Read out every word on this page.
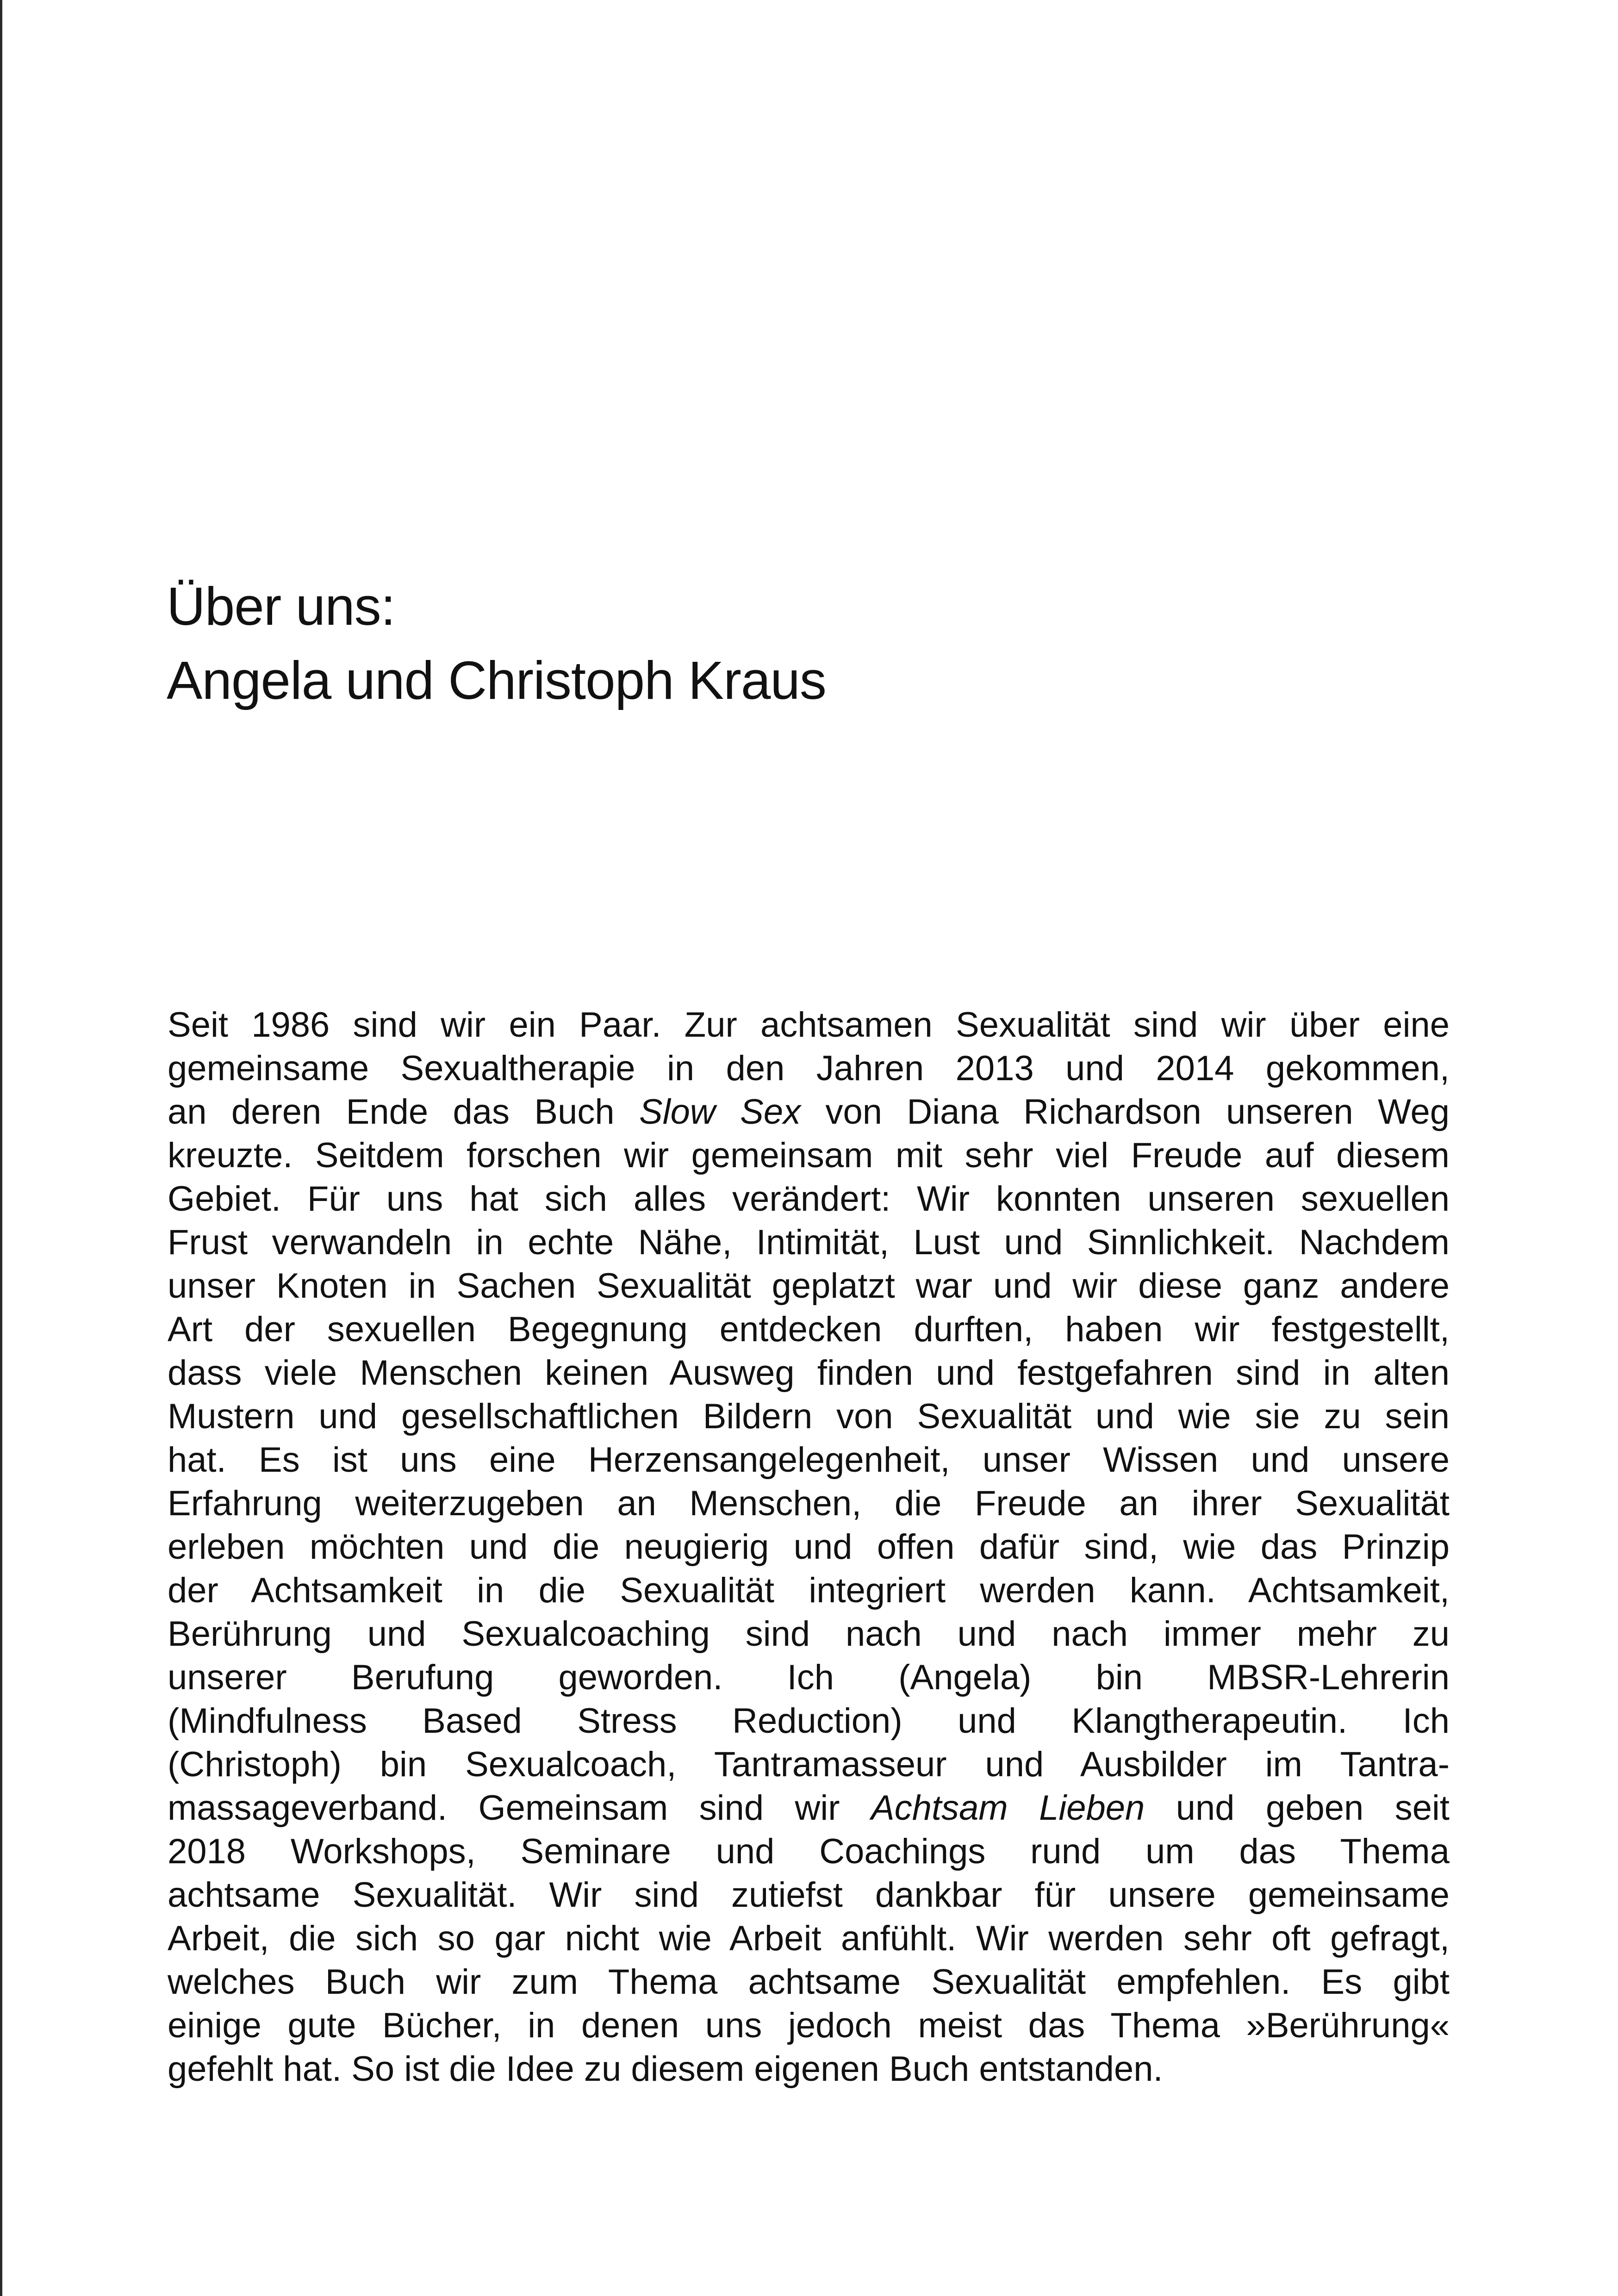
Über uns:
Angela und Christoph Kraus
Seit 1986 sind wir ein Paar. Zur achtsamen Sexualität sind wir über eine
gemeinsame Sexualtherapie in den Jahren 2013 und 2014 gekommen,
an deren Ende das Buch Slow Sex von Diana Richardson unseren Weg
kreuzte. Seitdem forschen wir gemeinsam mit sehr viel Freude auf diesem
Gebiet. Für uns hat sich alles verändert: Wir konnten unseren sexuellen
Frust verwandeln in echte Nähe, Intimität, Lust und Sinnlichkeit. Nachdem
unser Knoten in Sachen Sexualität geplatzt war und wir diese ganz andere
Art der sexuellen Begegnung entdecken durften, haben wir festgestellt,
dass viele Menschen keinen Ausweg finden und festgefahren sind in alten
Mustern und gesellschaftlichen Bildern von Sexualität und wie sie zu sein
hat. Es ist uns eine Herzensangelegenheit, unser Wissen und unsere
Erfahrung weiterzugeben an Menschen, die Freude an ihrer Sexualität
erleben möchten und die neugierig und offen dafür sind, wie das Prinzip
der Achtsamkeit in die Sexualität integriert werden kann. Achtsamkeit,
Berührung und Sexualcoaching sind nach und nach immer mehr zu
unserer Berufung geworden. Ich (Angela) bin MBSR-Lehrerin
(Mindfulness Based Stress Reduction) und Klangtherapeutin. Ich
(Christoph) bin Sexualcoach, Tantramasseur und Ausbilder im Tantra-
massageverband. Gemeinsam sind wir Achtsam Lieben und geben seit
2018 Workshops, Seminare und Coachings rund um das Thema
achtsame Sexualität. Wir sind zutiefst dankbar für unsere gemeinsame
Arbeit, die sich so gar nicht wie Arbeit anfühlt. Wir werden sehr oft gefragt,
welches Buch wir zum Thema achtsame Sexualität empfehlen. Es gibt
einige gute Bücher, in denen uns jedoch meist das Thema »Berührung«
gefehlt hat. So ist die Idee zu diesem eigenen Buch entstanden.
